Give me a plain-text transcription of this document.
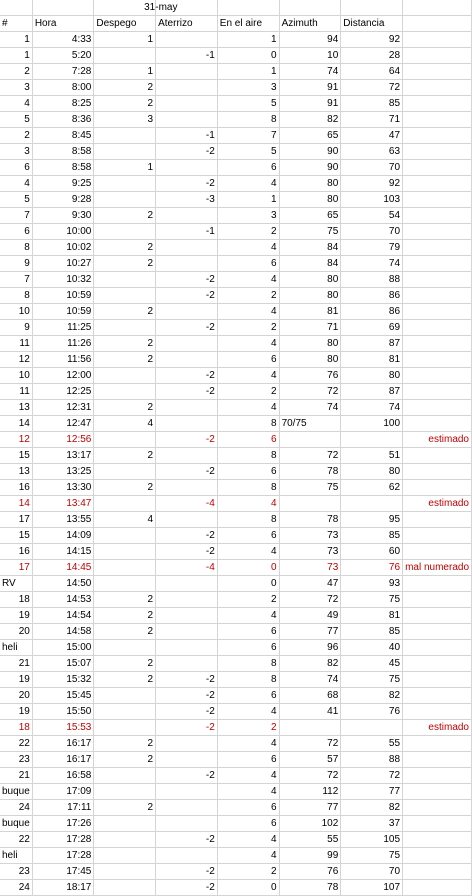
			31-may				
#	Hora	Despego	Aterrizo	En el aire	Azimuth	Distancia	
1	4:33	1		1	94	92	
1	5:20		-1	0	10	28	
2	7:28	1		1	74	64	
3	8:00	2		3	91	72	
4	8:25	2		5	91	85	
5	8:36	3		8	82	71	
2	8:45		-1	7	65	47	
3	8:58		-2	5	90	63	
6	8:58	1		6	90	70	
4	9:25		-2	4	80	92	
5	9:28		-3	1	80	103	
7	9:30	2		3	65	54	
6	10:00		-1	2	75	70	
8	10:02	2		4	84	79	
9	10:27	2		6	84	74	
7	10:32		-2	4	80	88	
8	10:59		-2	2	80	86	
10	10:59	2		4	81	86	
9	11:25		-2	2	71	69	
11	11:26	2		4	80	87	
12	11:56	2		6	80	81	
10	12:00		-2	4	76	80	
11	12:25		-2	2	72	87	
13	12:31	2		4	74	74	
14	12:47	4		8	70/75	100	
12	12:56		-2	6			estimado
15	13:17	2		8	72	51	
13	13:25		-2	6	78	80	
16	13:30	2		8	75	62	
14	13:47		-4	4			estimado
17	13:55	4		8	78	95	
15	14:09		-2	6	73	85	
16	14:15		-2	4	73	60	
17	14:45		-4	0	73	76	mal numerado
RV	14:50			0	47	93	
18	14:53	2		2	72	75	
19	14:54	2		4	49	81	
20	14:58	2		6	77	85	
heli	15:00			6	96	40	
21	15:07	2		8	82	45	
19	15:32	2	-2	8	74	75	
20	15:45		-2	6	68	82	
19	15:50		-2	4	41	76	
18	15:53		-2	2			estimado
22	16:17	2		4	72	55	
23	16:17	2		6	57	88	
21	16:58		-2	4	72	72	
buque	17:09			4	112	77	
24	17:11	2		6	77	82	
buque	17:26			6	102	37	
22	17:28		-2	4	55	105	
heli	17:28			4	99	75	
23	17:45		-2	2	76	70	
24	18:17		-2	0	78	107	
